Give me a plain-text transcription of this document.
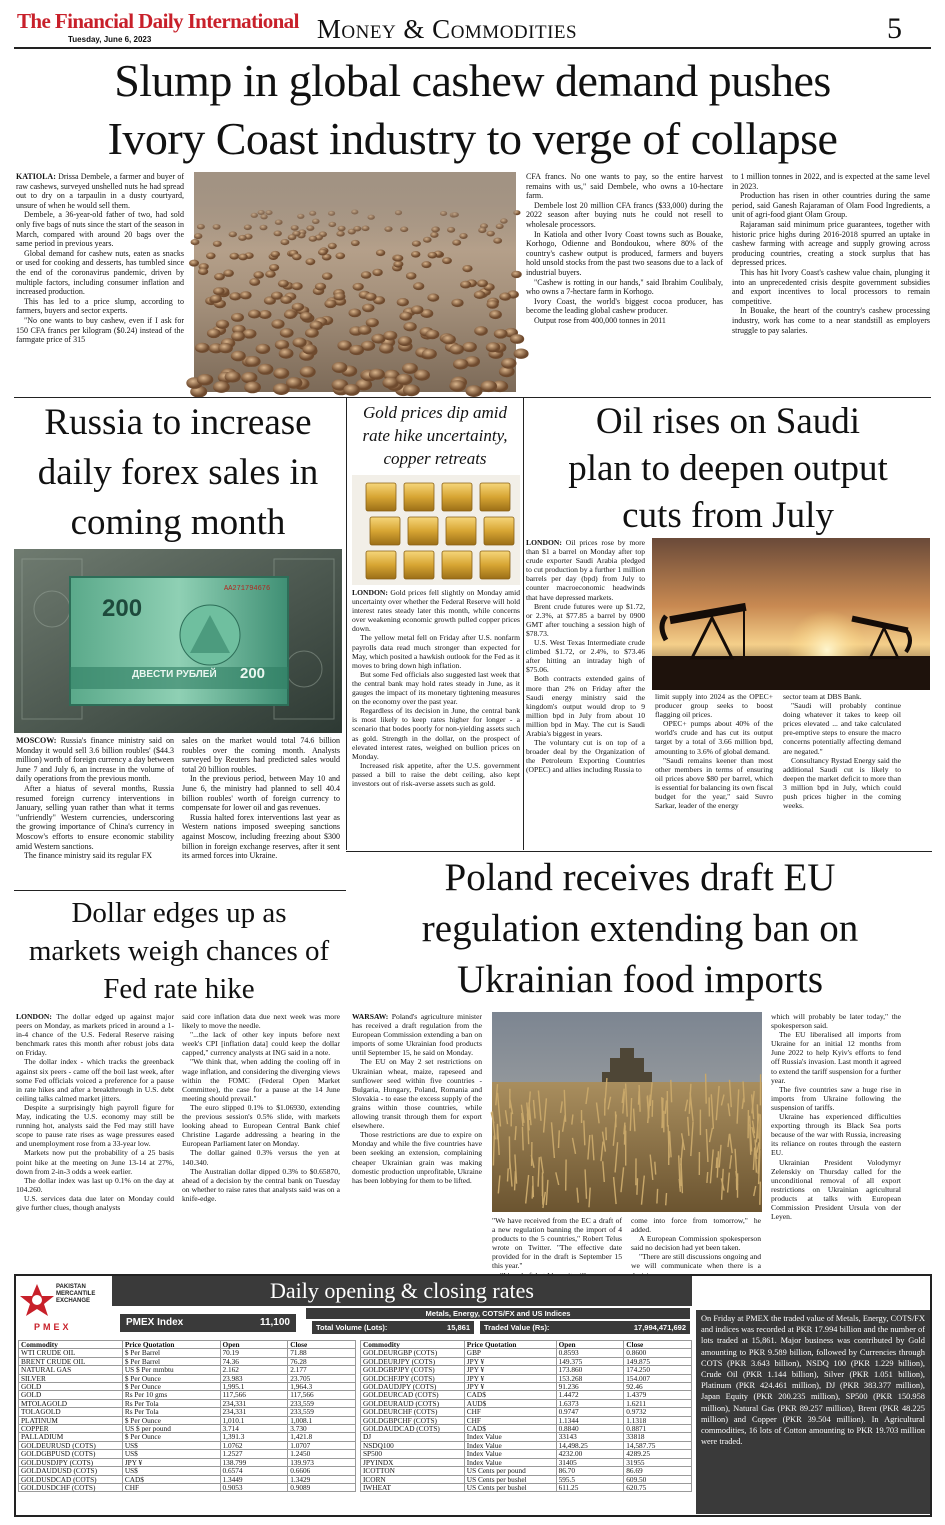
The Financial Daily International
Tuesday, June 6, 2023	Money & Commodities	5
Slump in global cashew demand pushes
Ivory Coast industry to verge of collapse

KATIOLA: Drissa Dembele, a farmer and buyer of raw cashews, surveyed unshelled nuts he had spread out to dry on a tarpaulin in a dusty courtyard, unsure of when he would sell them.

Dembele, a 36-year-old father of two, had sold only five bags of nuts since the start of the season in March, compared with around 20 bags over the same period in previous years.

Global demand for cashew nuts, eaten as snacks or used for cooking and desserts, has tumbled since the end of the coronavirus pandemic, driven by multiple factors, including consumer inflation and increased production.

This has led to a price slump, according to farmers, buyers and sector experts.

"No one wants to buy cashew, even if I ask for 150 CFA francs per kilogram ($0.24) instead of the farmgate price of 315

CFA francs. No one wants to pay, so the entire harvest remains with us," said Dembele, who owns a 10-hectare farm.

Dembele lost 20 million CFA francs ($33,000) during the 2022 season after buying nuts he could not resell to wholesale processors.

In Katiola and other Ivory Coast towns such as Bouake, Korhogo, Odienne and Bondoukou, where 80% of the country's cashew output is produced, farmers and buyers hold unsold stocks from the past two seasons due to a lack of industrial buyers.

"Cashew is rotting in our hands," said Ibrahim Coulibaly, who owns a 7-hectare farm in Korhogo.

Ivory Coast, the world's biggest cocoa producer, has become the leading global cashew producer.

Output rose from 400,000 tonnes in 2011

to 1 million tonnes in 2022, and is expected at the same level in 2023.

Production has risen in other countries during the same period, said Ganesh Rajaraman of Olam Food Ingredients, a unit of agri-food giant Olam Group.

Rajaraman said minimum price guarantees, together with historic price highs during 2016-2018 spurred an uptake in cashew farming with acreage and supply growing across producing countries, creating a stock surplus that has depressed prices.

This has hit Ivory Coast's cashew value chain, plunging it into an unprecedented crisis despite government subsidies and export incentives to local processors to remain competitive.

In Bouake, the heart of the country's cashew processing industry, work has come to a near standstill as employers struggle to pay salaries.

Russia to increase daily forex sales in coming month
200
200
ДВЕСТИ РУБЛЕЙ
АА271794676

MOSCOW: Russia's finance ministry said on Monday it would sell 3.6 billion roubles' ($44.3 million) worth of foreign currency a day between June 7 and July 6, an increase in the volume of daily operations from the previous month.

After a hiatus of several months, Russia resumed foreign currency interventions in January, selling yuan rather than what it terms "unfriendly" Western currencies, underscoring the growing importance of China's currency in Moscow's efforts to ensure economic stability amid Western sanctions.

The finance ministry said its regular FX

sales on the market would total 74.6 billion roubles over the coming month. Analysts surveyed by Reuters had predicted sales would total 20 billion roubles.

In the previous period, between May 10 and June 6, the ministry had planned to sell 40.4 billion roubles' worth of foreign currency to compensate for lower oil and gas revenues.

Russia halted forex interventions last year as Western nations imposed sweeping sanctions against Moscow, including freezing about $300 billion in foreign exchange reserves, after it sent its armed forces into Ukraine.

Gold prices dip amid rate hike uncertainty, copper retreats

LONDON: Gold prices fell slightly on Monday amid uncertainty over whether the Federal Reserve will hold interest rates steady later this month, while concerns over weakening economic growth pulled copper prices down.

The yellow metal fell on Friday after U.S. nonfarm payrolls data read much stronger than expected for May, which posited a hawkish outlook for the Fed as it moves to bring down high inflation.

But some Fed officials also suggested last week that the central bank may hold rates steady in June, as it gauges the impact of its monetary tightening measures on the economy over the past year.

Regardless of its decision in June, the central bank is most likely to keep rates higher for longer - a scenario that bodes poorly for non-yielding assets such as gold. Strength in the dollar, on the prospect of elevated interest rates, weighed on bullion prices on Monday.

Increased risk appetite, after the U.S. government passed a bill to raise the debt ceiling, also kept investors out of risk-averse assets such as gold.

Oil rises on Saudi plan to deepen output cuts from July

LONDON: Oil prices rose by more than $1 a barrel on Monday after top crude exporter Saudi Arabia pledged to cut production by a further 1 million barrels per day (bpd) from July to counter macroeconomic headwinds that have depressed markets.

Brent crude futures were up $1.72, or 2.3%, at $77.85 a barrel by 0900 GMT after touching a session high of $78.73.

U.S. West Texas Intermediate crude climbed $1.72, or 2.4%, to $73.46 after hitting an intraday high of $75.06.

Both contracts extended gains of more than 2% on Friday after the Saudi energy ministry said the kingdom's output would drop to 9 million bpd in July from about 10 million bpd in May. The cut is Saudi Arabia's biggest in years.

The voluntary cut is on top of a broader deal by the Organization of the Petroleum Exporting Countries (OPEC) and allies including Russia to

limit supply into 2024 as the OPEC+ producer group seeks to boost flagging oil prices.

OPEC+ pumps about 40% of the world's crude and has cut its output target by a total of 3.66 million bpd, amounting to 3.6% of global demand.

"Saudi remains keener than most other members in terms of ensuring oil prices above $80 per barrel, which is essential for balancing its own fiscal budget for the year," said Suvro Sarkar, leader of the energy

sector team at DBS Bank.

"Saudi will probably continue doing whatever it takes to keep oil prices elevated ... and take calculated pre-emptive steps to ensure the macro concerns potentially affecting demand are negated."

Consultancy Rystad Energy said the additional Saudi cut is likely to deepen the market deficit to more than 3 million bpd in July, which could push prices higher in the coming weeks.

Dollar edges up as markets weigh chances of Fed rate hike

LONDON: The dollar edged up against major peers on Monday, as markets priced in around a 1-in-4 chance of the U.S. Federal Reserve raising benchmark rates this month after robust jobs data on Friday.

The dollar index - which tracks the greenback against six peers - came off the boil last week, after some Fed officials voiced a preference for a pause in rate hikes and after a breakthrough in U.S. debt ceiling talks calmed market jitters.

Despite a surprisingly high payroll figure for May, indicating the U.S. economy may still be running hot, analysts said the Fed may still have scope to pause rate rises as wage pressures eased and unemployment rose from a 33-year low.

Markets now put the probability of a 25 basis point hike at the meeting on June 13-14 at 27%, down from 2-in-3 odds a week earlier.

The dollar index was last up 0.1% on the day at 104.260.

U.S. services data due later on Monday could give further clues, though analysts

said core inflation data due next week was more likely to move the needle.

"...the lack of other key inputs before next week's CPI [inflation data] could keep the dollar capped," currency analysts at ING said in a note.

"We think that, when adding the cooling off in wage inflation, and considering the diverging views within the FOMC (Federal Open Market Committee), the case for a pause at the 14 June meeting should prevail."

The euro slipped 0.1% to $1.06930, extending the previous session's 0.5% slide, with markets looking ahead to European Central Bank chief Christine Lagarde addressing a hearing in the European Parliament later on Monday.

The dollar gained 0.3% versus the yen at 140.340.

The Australian dollar dipped 0.3% to $0.65870, ahead of a decision by the central bank on Tuesday on whether to raise rates that analysts said was on a knife-edge.

Poland receives draft EU regulation extending ban on Ukrainian food imports

WARSAW: Poland's agriculture minister has received a draft regulation from the European Commission extending a ban on imports of some Ukrainian food products until September 15, he said on Monday.

The EU on May 2 set restrictions on Ukrainian wheat, maize, rapeseed and sunflower seed within five countries - Bulgaria, Hungary, Poland, Romania and Slovakia - to ease the excess supply of the grains within those countries, while allowing transit through them for export elsewhere.

Those restrictions are due to expire on Monday and while the five countries have been seeking an extension, complaining cheaper Ukrainian grain was making domestic production unprofitable, Ukraine has been lobbying for them to be lifted.

"We have received from the EC a draft of a new regulation banning the import of 4 products to the 5 countries," Robert Telus wrote on Twitter. "The effective date provided for in the draft is September 15 this year."

come into force from tomorrow," he added.

A European Commission spokesperson said no decision had yet been taken.

"There are still discussions ongoing and we will communicate when there is a

which will probably be later today," the spokesperson said.

The EU liberalised all imports from Ukraine for an initial 12 months from June 2022 to help Kyiv's efforts to fend off Russia's invasion. Last month it agreed to extend the tariff suspension for a further year.

The five countries saw a huge rise in imports from Ukraine following the suspension of tariffs.

Ukraine has experienced difficulties exporting through its Black Sea ports because of the war with Russia, increasing its reliance on routes through the eastern EU.

Ukrainian President Volodymyr Zelenskiy on Thursday called for the unconditional removal of all export restrictions on Ukrainian agricultural products at talks with European Commission President Ursula von der Leyen.

PAKISTAN MERCANTILE EXCHANGE
PMEX
Daily opening & closing rates
PMEX Index	11,100
Metals, Energy, COTS/FX and US Indices
Total Volume (Lots):	15,861	Traded Value (Rs):	17,994,471,692
Commodity	Price Quotation	Open	Close
WTI CRUDE OIL	$ Per Barrel	70.19	71.88
BRENT CRUDE OIL	$ Per Barrel	74.36	76.28
NATURAL GAS	US $ Per mmbtu	2.162	2.177
SILVER	$ Per Ounce	23.983	23.705
GOLD	$ Per Ounce	1,995.1	1,964.3
GOLD	Rs Per 10 gms	117,566	117,566
MTOLAGOLD	Rs Per Tola	234,331	233,559
TOLAGOLD	Rs Per Tola	234,331	233,559
PLATINUM	$ Per Ounce	1,010.1	1,008.1
COPPER	US $ per pound	3.714	3.730
PALLADIUM	$ Per Ounce	1,391.3	1,421.8
GOLDEURUSD (COTS)	US$	1.0762	1.0707
GOLDGBPUSD (COTS)	US$	1.2527	1.2450
GOLDUSDJPY (COTS)	JPY ¥	138.799	139.973
GOLDAUDUSD (COTS)	US$	0.6574	0.6606
GOLDUSDCAD (COTS)	CAD$	1.3449	1.3429
GOLDUSDCHF (COTS)	CHF	0.9053	0.9089
Commodity	Price Quotation	Open	Close
GOLDEURGBP (COTS)	GBP	0.8593	0.8600
GOLDEURJPY (COTS)	JPY ¥	149.375	149.875
GOLDGBPJPY (COTS)	JPY ¥	173.860	174.250
GOLDCHFJPY (COTS)	JPY ¥	153.268	154.007
GOLDAUDJPY (COTS)	JPY ¥	91.236	92.46
GOLDEURCAD (COTS)	CAD$	1.4472	1.4379
GOLDEURAUD (COTS)	AUD$	1.6373	1.6211
GOLDEURCHF (COTS)	CHF	0.9747	0.9732
GOLDGBPCHF (COTS)	CHF	1.1344	1.1318
GOLDAUDCAD (COTS)	CAD$	0.8840	0.8871
DJ	Index Value	33143	33818
NSDQ100	Index Value	14,498.25	14,587.75
SP500	Index Value	4232.00	4289.25
JPYINDX	Index Value	31405	31955
ICOTTON	US Cents per pound	86.70	86.69
ICORN	US Cents per bushel	595.5	609.50
IWHEAT	US Cents per bushel	611.25	620.75
On Friday at PMEX the traded value of Metals, Energy, COTS/FX and indices was recorded at PKR 17.994 billion and the number of lots traded at 15,861. Major business was contributed by Gold amounting to PKR 9.589 billion, followed by Currencies through COTS (PKR 3.643 billion), NSDQ 100 (PKR 1.229 billion), Crude Oil (PKR 1.144 billion), Silver (PKR 1.051 billion), Platinum (PKR 424.461 million), DJ (PKR 383.377 million), Japan Equity (PKR 200.235 million), SP500 (PKR 150.958 million), Natural Gas (PKR 89.257 million), Brent (PKR 48.225 million) and Copper (PKR 39.504 million). In Agricultural commodities, 16 lots of Cotton amounting to PKR 19.703 million were traded.
